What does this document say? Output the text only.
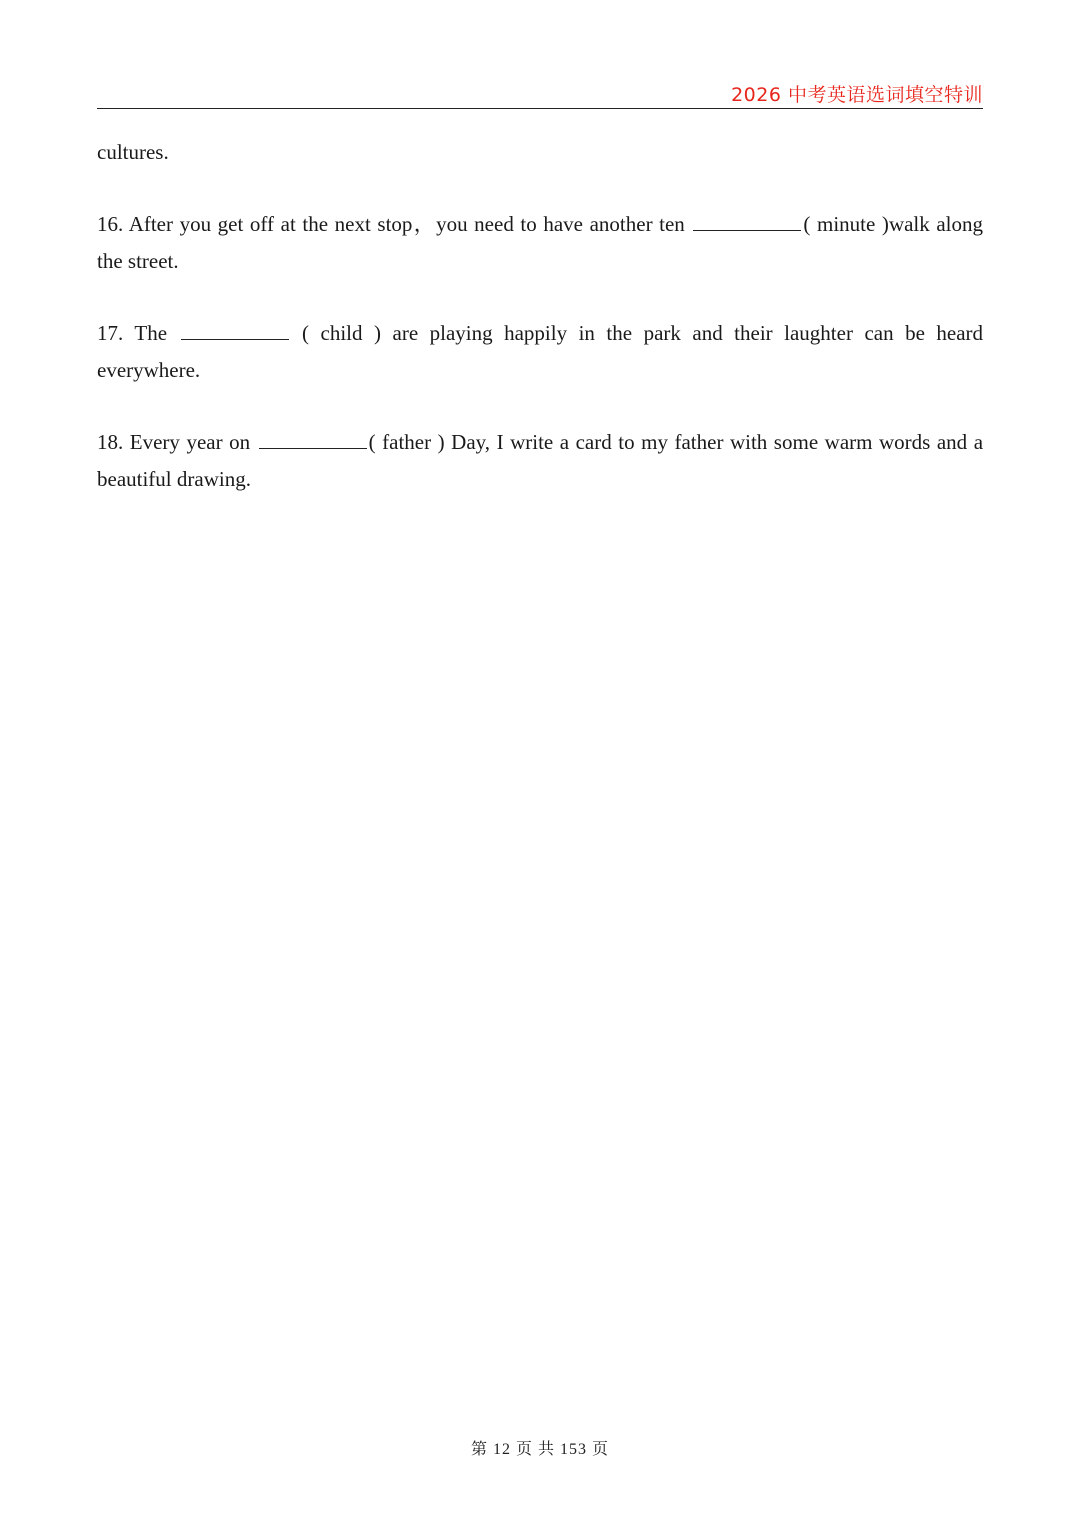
2026 中考英语选词填空特训

cultures.

16. After you get off at the next stop，you need to have another ten	( minute )walk along the street.

17. The	( child ) are playing happily in the park and their laughter can be heard everywhere.

18. Every year on	( father ) Day, I write a card to my father with some warm words and a beautiful drawing.

第 12 页 共 153 页
